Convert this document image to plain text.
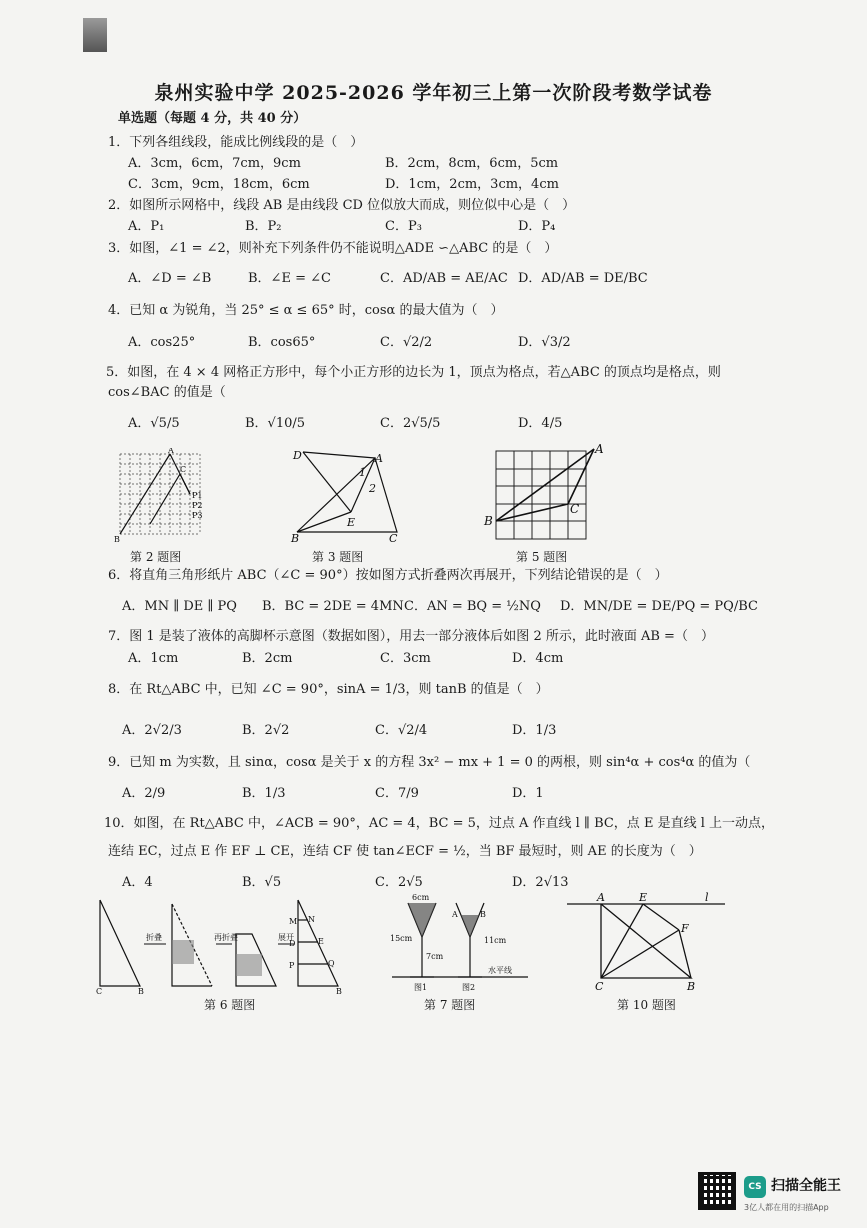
泉州实验中学 2025-2026 学年初三上第一次阶段考数学试卷
单选题（每题 4 分，共 40 分）
1．下列各组线段，能成比例线段的是（　）
A．3cm，6cm，7cm，9cm	B．2cm，8cm，6cm，5cm
C．3cm，9cm，18cm，6cm	D．1cm，2cm，3cm，4cm
2．如图所示网格中，线段 AB 是由线段 CD 位似放大而成，则位似中心是（　）
A．P₁	B．P₂	C．P₃	D．P₄
3．如图，∠1 = ∠2，则补充下列条件仍不能说明△ADE ∽△ABC 的是（　）
A．∠D = ∠B	B．∠E = ∠C	C．AD/AB = AE/AC D．AD/AB = DE/BC
4．已知 α 为锐角，当 25° ≤ α ≤ 65° 时，cosα 的最大值为（　）
A．cos25°	B．cos65°	C．√2/2	D．√3/2
5．如图，在 4 × 4 网格正方形中，每个小正方形的边长为 1，顶点为格点，若△ABC 的顶点均是格点，则
cos∠BAC 的值是（
A．√5/5	B．√10/5	C．2√5/5	D．4/5
A
B
C
P1
P2
P3
第 2 题图
D	A
B	C
E
1
2
第 3 题图
A
B
C
第 5 题图
6．将直角三角形纸片 ABC（∠C = 90°）按如图方式折叠两次再展开，下列结论错误的是（　）
A．MN ∥ DE ∥ PQ B．BC = 2DE = 4MN C．AN = BQ = ½NQ D．MN/DE = DE/PQ = PQ/BC
7．图 1 是装了液体的高脚杯示意图（数据如图），用去一部分液体后如图 2 所示，此时液面 AB =（　）
A．1cm	B．2cm	C．3cm	D．4cm
8．在 Rt△ABC 中，已知 ∠C = 90°，sinA = 1/3，则 tanB 的值是（　）
A．2√2/3	B．2√2	C．√2/4	D．1/3
9．已知 m 为实数，且 sinα，cosα 是关于 x 的方程 3x² − mx + 1 = 0 的两根，则 sin⁴α + cos⁴α 的值为（
A．2/9	B．1/3	C．7/9	D．1
10．如图，在 Rt△ABC 中，∠ACB = 90°，AC = 4，BC = 5，过点 A 作直线 l ∥ BC，点 E 是直线 l 上一动点，
连结 EC，过点 E 作 EF ⊥ CE，连结 CF 使 tan∠ECF = ½，当 BF 最短时，则 AE 的长度为（　）
A．4	B．√5	C．2√5	D．2√13
折叠	再折叠	展开
C	B
M
D
P
N
E
Q
B
第 6 题图
6cm
15cm
7cm
11cm
水平线
图1	图2
A	B
第 7 题图
A	E	l
F
C	B
第 10 题图
CS 扫描全能王
3亿人都在用的扫描App
